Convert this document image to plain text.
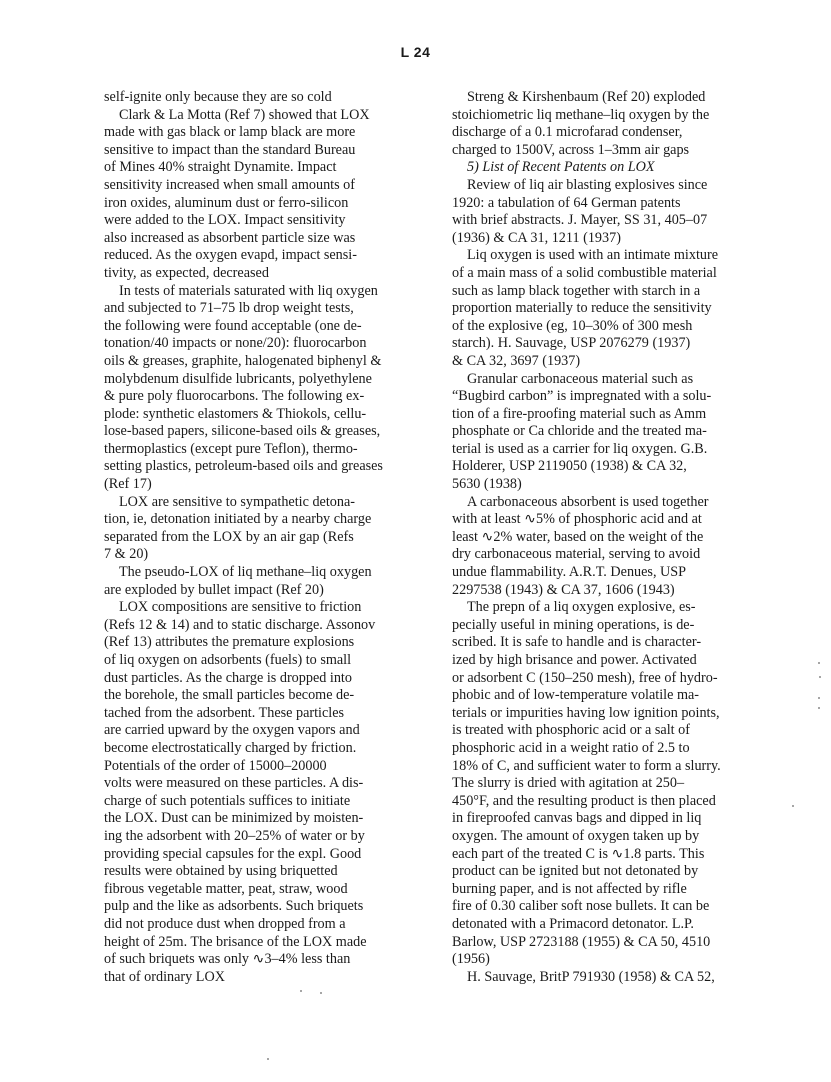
L 24
self-ignite only because they are so cold
Clark & La Motta (Ref 7) showed that LOX
made with gas black or lamp black are more
sensitive to impact than the standard Bureau
of Mines 40% straight Dynamite. Impact
sensitivity increased when small amounts of
iron oxides, aluminum dust or ferro-silicon
were added to the LOX. Impact sensitivity
also increased as absorbent particle size was
reduced. As the oxygen evapd, impact sensi-
tivity, as expected, decreased
In tests of materials saturated with liq oxygen
and subjected to 71–75 lb drop weight tests,
the following were found acceptable (one de-
tonation/40 impacts or none/20): fluorocarbon
oils & greases, graphite, halogenated biphenyl &
molybdenum disulfide lubricants, polyethylene
& pure poly fluorocarbons. The following ex-
plode: synthetic elastomers & Thiokols, cellu-
lose-based papers, silicone-based oils & greases,
thermoplastics (except pure Teflon), thermo-
setting plastics, petroleum-based oils and greases
(Ref 17)
LOX are sensitive to sympathetic detona-
tion, ie, detonation initiated by a nearby charge
separated from the LOX by an air gap (Refs
7 & 20)
The pseudo-LOX of liq methane–liq oxygen
are exploded by bullet impact (Ref 20)
LOX compositions are sensitive to friction
(Refs 12 & 14) and to static discharge. Assonov
(Ref 13) attributes the premature explosions
of liq oxygen on adsorbents (fuels) to small
dust particles. As the charge is dropped into
the borehole, the small particles become de-
tached from the adsorbent. These particles
are carried upward by the oxygen vapors and
become electrostatically charged by friction.
Potentials of the order of 15000–20000
volts were measured on these particles. A dis-
charge of such potentials suffices to initiate
the LOX. Dust can be minimized by moisten-
ing the adsorbent with 20–25% of water or by
providing special capsules for the expl. Good
results were obtained by using briquetted
fibrous vegetable matter, peat, straw, wood
pulp and the like as adsorbents. Such briquets
did not produce dust when dropped from a
height of 25m. The brisance of the LOX made
of such briquets was only ∿3–4% less than
that of ordinary LOX
Streng & Kirshenbaum (Ref 20) exploded
stoichiometric liq methane–liq oxygen by the
discharge of a 0.1 microfarad condenser,
charged to 1500V, across 1–3mm air gaps
5) List of Recent Patents on LOX
Review of liq air blasting explosives since
1920: a tabulation of 64 German patents
with brief abstracts. J. Mayer, SS 31, 405–07
(1936) & CA 31, 1211 (1937)
Liq oxygen is used with an intimate mixture
of a main mass of a solid combustible material
such as lamp black together with starch in a
proportion materially to reduce the sensitivity
of the explosive (eg, 10–30% of 300 mesh
starch). H. Sauvage, USP 2076279 (1937)
& CA 32, 3697 (1937)
Granular carbonaceous material such as
“Bugbird carbon” is impregnated with a solu-
tion of a fire-proofing material such as Amm
phosphate or Ca chloride and the treated ma-
terial is used as a carrier for liq oxygen. G.B.
Holderer, USP 2119050 (1938) & CA 32,
5630 (1938)
A carbonaceous absorbent is used together
with at least ∿5% of phosphoric acid and at
least ∿2% water, based on the weight of the
dry carbonaceous material, serving to avoid
undue flammability. A.R.T. Denues, USP
2297538 (1943) & CA 37, 1606 (1943)
The prepn of a liq oxygen explosive, es-
pecially useful in mining operations, is de-
scribed. It is safe to handle and is character-
ized by high brisance and power. Activated
or adsorbent C (150–250 mesh), free of hydro-
phobic and of low-temperature volatile ma-
terials or impurities having low ignition points,
is treated with phosphoric acid or a salt of
phosphoric acid in a weight ratio of 2.5 to
18% of C, and sufficient water to form a slurry.
The slurry is dried with agitation at 250–
450°F, and the resulting product is then placed
in fireproofed canvas bags and dipped in liq
oxygen. The amount of oxygen taken up by
each part of the treated C is ∿1.8 parts. This
product can be ignited but not detonated by
burning paper, and is not affected by rifle
fire of 0.30 caliber soft nose bullets. It can be
detonated with a Primacord detonator. L.P.
Barlow, USP 2723188 (1955) & CA 50, 4510
(1956)
H. Sauvage, BritP 791930 (1958) & CA 52,
